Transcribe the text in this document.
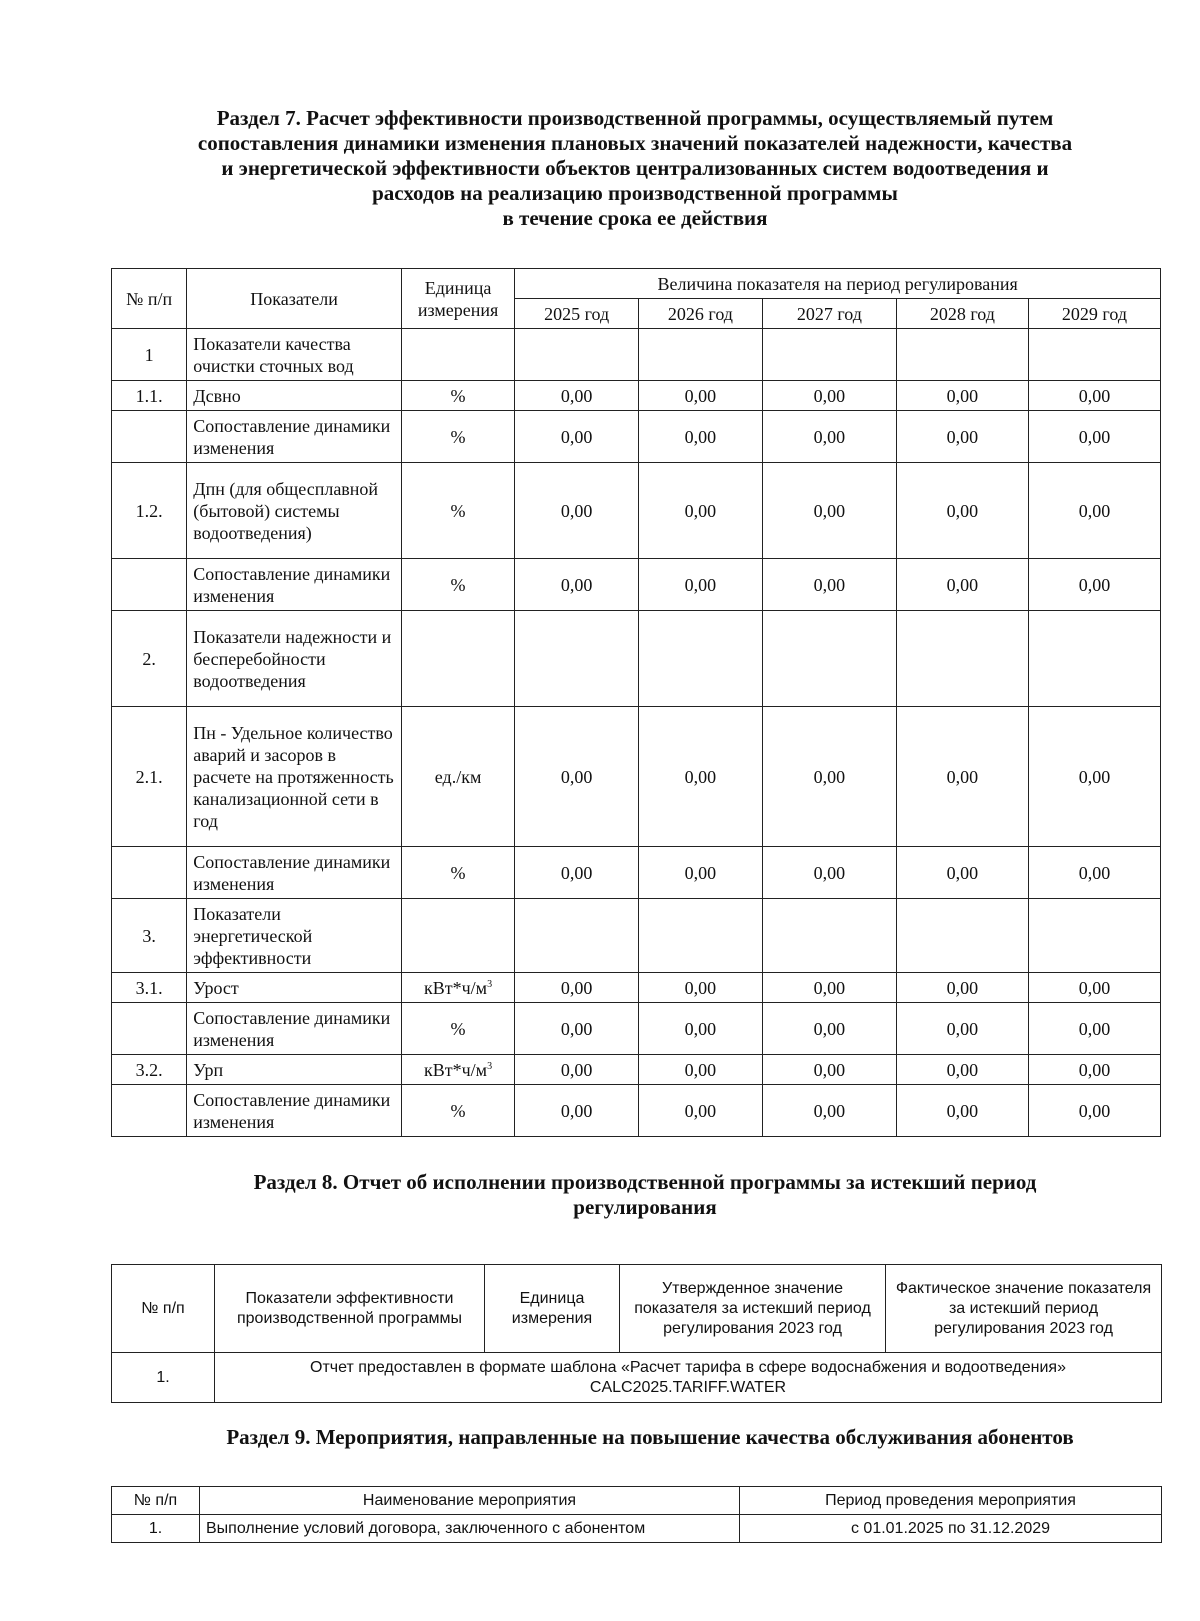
Раздел 7. Расчет эффективности производственной программы, осуществляемый путем
сопоставления динамики изменения плановых значений показателей надежности, качества
и энергетической эффективности объектов централизованных систем водоотведения и
расходов на реализацию производственной программы
в течение срока ее действия
№ п/п	Показатели	Единица измерения	Величина показателя на период регулирования				
			2025 год	2026 год	2027 год	2028 год	2029 год
1	Показатели качества очистки сточных вод						
1.1.	Дсвно	%	0,00	0,00	0,00	0,00	0,00
	Сопоставление динамики изменения	%	0,00	0,00	0,00	0,00	0,00
1.2.	Дпн (для общесплавной (бытовой) системы водоотведения)	%	0,00	0,00	0,00	0,00	0,00
	Сопоставление динамики изменения	%	0,00	0,00	0,00	0,00	0,00
2.	Показатели надежности и бесперебойности водоотведения						
2.1.	Пн - Удельное количество аварий и засоров в расчете на протяженность канализационной сети в год	ед./км	0,00	0,00	0,00	0,00	0,00
	Сопоставление динамики изменения	%	0,00	0,00	0,00	0,00	0,00
3.	Показатели энергетической эффективности						
3.1.	Урост	$кВт*ч/м^3$	0,00	0,00	0,00	0,00	0,00
	Сопоставление динамики изменения	%	0,00	0,00	0,00	0,00	0,00
3.2.	Урп	$кВт*ч/м^3$	0,00	0,00	0,00	0,00	0,00
	Сопоставление динамики изменения	%	0,00	0,00	0,00	0,00	0,00
Раздел 8. Отчет об исполнении производственной программы за истекший период
регулирования
№ п/п	Показатели эффективности производственной программы	Единица измерения	Утвержденное значение показателя за истекший период регулирования 2023 год	Фактическое значение показателя за истекший период регулирования 2023 год
1.	Отчет предоставлен в формате шаблона «Расчет тарифа в сфере водоснабжения и водоотведения»
CALC2025.TARIFF.WATER			
Раздел 9. Мероприятия, направленные на повышение качества обслуживания абонентов
№ п/п	Наименование мероприятия	Период проведения мероприятия
1.	Выполнение условий договора, заключенного с абонентом	с 01.01.2025 по 31.12.2029
